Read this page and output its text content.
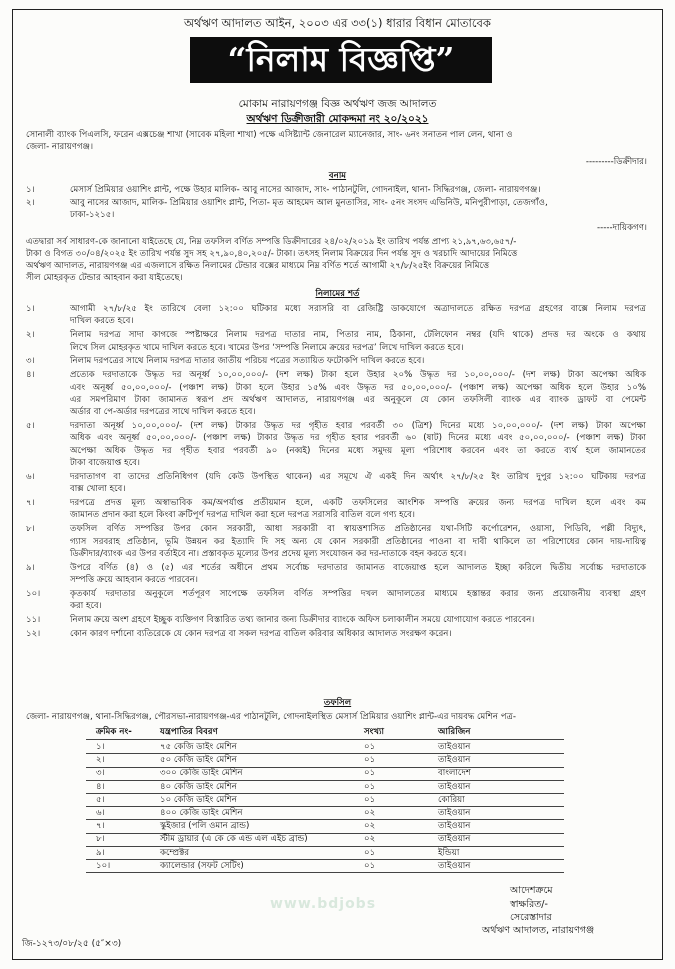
অর্থঋণ আদালত আইন, ২০০৩ এর ৩৩(১) ধারার বিধান মোতাবেক
“নিলাম বিজ্ঞপ্তি”
মোকাম নারায়ণগঞ্জ বিজ্ঞ অর্থঋণ জজ আদালত
অর্থঋণ ডিক্রীজারী মোকদ্দমা নং ২০/২০২১
সোনালী ব্যাংক পিএলসি, ফরেন এক্সচেঞ্জ শাখা (সাবেক মহিলা শাখা) পক্ষে এসিষ্ট্যান্ট জেনারেল ম্যানেজার, সাং- ৬নং সনাতন পাল লেন, থানা ও
জেলা- নারায়ণগঞ্জ।
---------ডিক্রীদার।
বনাম
১।	মেসার্স প্রিমিয়ার ওয়াশিং প্লান্ট, পক্ষে উহার মালিক- আবু নাসের আজাদ, সাং- পাঠানটুলি, গোদনাইল, থানা- সিদ্ধিরগঞ্জ, জেলা- নারায়ণগঞ্জ।
২।	আবু নাসের আজাদ, মালিক- প্রিমিয়ার ওয়াশিং প্লান্ট, পিতা- মৃত আহমেদ আল মুনতাসির, সাং- ৫নং সংসদ এভিনিউ, মনিপুরীপাড়া, তেজগাঁও,
ঢাকা-১২১৫।
-----দায়িকগণ।
এতদ্বারা সর্ব সাধারণ-কে জানানো যাইতেছে যে, নিম্ন তফসিল বর্ণিত সম্পত্তি ডিক্রীদারের ২৪/০২/২০১৯ ইং তারিখ পর্যন্ত প্রাপ্য ২১,৯৭,৬৩,৬৫৭/-
টাকা ও বিগত ৩০/০৪/২০২৫ ইং তারিখ পর্যন্ত সুদ সহ ২৭,৯০,৪০,২০৫/- টাকা। তৎসহ নিলাম বিক্রয়ের দিন পর্যন্ত সুদ ও খরচাদি আদায়ের নিমিত্তে
অর্থঋণ আদালত, নারায়ণগঞ্জ এর এজলাসে রক্ষিত নিলামের টেন্ডার বক্সের মাধ্যমে নিম্ন বর্ণিত শর্তে আগামী ২৭/৮/২৫ইং বিক্রয়ের নিমিত্তে
সীল মোহরকৃত টেন্ডার আহবান করা যাইতেছে।
নিলামের শর্ত
১।	আগামী ২৭/৮/২৫ ইং তারিখে বেলা ১২:০০ ঘটিকার মধ্যে সরাসরি বা রেজিষ্ট্রি ডাকযোগে অত্রাদালতে রক্ষিত দরপত্র গ্রহণের বাক্সে নিলাম দরপত্র
দাখিল করতে হবে।
২।	নিলাম দরপত্র সাদা কাগজে স্পষ্টাক্ষরে নিলাম দরপত্র দাতার নাম, পিতার নাম, ঠিকানা, টেলিফোন নম্বর (যদি থাকে) প্রদত্ত দর অংকে ও কথায়
লিখে সিল মোহরকৃত খামে দাখিল করতে হবে। খামের উপর ‘সম্পত্তি নিলামে ক্রয়ের দরপত্র’ লিখে দাখিল করতে হবে।
৩।	নিলাম দরপত্রের সাথে নিলাম দরপত্র দাতার জাতীয় পরিচয় পত্রের সত্যায়িত ফটোকপি দাখিল করতে হবে।
৪।	প্রত্যেক দরদাতাকে উদ্ধৃত দর অনূর্ধ্ব ১০,০০,০০০/- (দশ লক্ষ) টাকা হলে উহার ২০% উদ্ধৃত দর ১০,০০,০০০/- (দশ লক্ষ) টাকা অপেক্ষা অধিক
এবং অনূর্ধ্ব ৫০,০০,০০০/- (পঞ্চাশ লক্ষ) টাকা হলে উহার ১৫% এবং উদ্ধৃত দর ৫০,০০,০০০/- (পঞ্চাশ লক্ষ) অপেক্ষা অধিক হলে উহার ১০%
এর সমপরিমাণ টাকা জামানত স্বরূপ প্রদ অর্থঋণ আদালত, নারায়ণগঞ্জ এর অনুকূলে যে কোন তফসিলী ব্যাংক এর ব্যাংক ড্রাফট বা পেমেন্ট
অর্ডার বা পে-অর্ডার দরপত্রের সাথে দাখিল করতে হবে।
৫।	দরদাতা অনূর্ধ্ব ১০,০০,০০০/- (দশ লক্ষ) টাকার উদ্ধৃত দর গৃহীত হবার পরবর্তী ৩০ (ত্রিশ) দিনের মধ্যে ১০,০০,০০০/- (দশ লক্ষ) টাকা অপেক্ষা
অধিক এবং অনূর্ধ্ব ৫০,০০,০০০/- (পঞ্চাশ লক্ষ) টাকার উদ্ধৃত দর গৃহীত হবার পরবর্তী ৬০ (ষাট) দিনের মধ্যে এবং ৫০,০০,০০০/- (পঞ্চাশ লক্ষ) টাকা
অপেক্ষা অধিক উদ্ধৃত দর গৃহীত হবার পরবর্তী ৯০ (নব্বই) দিনের মধ্যে সমুদয় মূল্য পরিশোধ করবেন এবং তা করতে ব্যর্থ হলে জামানতের
টাকা বাজেয়াপ্ত হবে।
৬।	দরদাতাগণ বা তাদের প্রতিনিধিগণ (যদি কেউ উপস্থিত থাকেন) এর সমূখে ঐ একই দিন অর্থাৎ ২৭/৮/২৫ ইং তারিখ দুপুর ১২:০০ ঘটিকায় দরপত্র
বাক্স খোলা হবে।
৭।	দরপত্রে প্রদত্ত মূল্য অস্বাভাবিক কম/অপর্যাপ্ত প্রতীয়মান হলে, একটি তফসিলের আংশিক সম্পত্তি ক্রয়ের জন্য দরপত্র দাখিল হলে এবং কম
জামানত প্রদান করা হলে কিংবা ক্রটিপূর্ণ দরপত্র দাখিল করা হলে দরপত্র সরাসরি বাতিল বলে গণ্য হবে।
৮।	তফসিল বর্ণিত সম্পত্তির উপর কোন সরকারী, আধা সরকারী বা স্বায়ত্তশাসিত প্রতিষ্ঠানের যথা-সিটি কর্পোরেশন, ওয়াসা, পিডিবি, পল্লী বিদ্যুৎ,
গ্যাস সরবরাহ প্রতিষ্ঠান, ভূমি উন্নয়ন কর ইত্যাদি দি সহ অন্য যে কোন সরকারী প্রতিষ্ঠানের পাওনা বা দাবী থাকিলে তা পরিশোধের কোন দায়-দায়িত্ব
ডিক্রীদার/ব্যাংক এর উপর বর্তাইবে না। প্রস্তাবকৃত মূল্যের উপর প্রদেয় মূল্য সংযোজন কর দর-দাতাকে বহন করতে হবে।
৯।	উপরে বর্ণিত (৪) ও (৫) এর শর্তের অধীনে প্রথম সর্বোচ্চ দরদাতার জামানত বাজেয়াপ্ত হলে আদালত ইচ্ছা করিলে দ্বিতীয় সর্বোচ্চ দরদাতাকে
সম্পত্তি ক্রয়ে আহবান করতে পারবেন।
১০।	কৃতকার্য দরদাতার অনুকূলে শর্তপূরণ সাপেক্ষে তফসিল বর্ণিত সম্পত্তির দখল আদালতের মাধ্যমে হস্তান্তর করার জন্য প্রয়োজনীয় ব্যবস্থা গ্রহণ
করা হবে।
১১।	নিলাম ক্রয়ে অংশ গ্রহণে ইচ্ছুক ব্যক্তিগণ বিস্তারিত তথ্য জানার জন্য ডিক্রীদার ব্যাংকে অফিস চলাকালীন সময়ে যোগাযোগ করতে পারবেন।
১২।	কোন কারণ দর্শানো ব্যতিরেকে যে কোন দরপত্র বা সকল দরপত্র বাতিল করিবার অধিকার আদালত সংরক্ষণ করেন।
তফসিল
জেলা- নারায়ণগঞ্জ, থানা-সিদ্ধিরগঞ্জ, পৌরসভা-নারায়ণগঞ্জ-এর পাঠানটুলি, গোদনাইলস্থিত মেসার্স প্রিমিয়ার ওয়াশিং প্লান্ট-এর দায়বদ্ধ মেশিন পত্র-
ক্রমিক নং-	যন্ত্রপাতির বিবরণ	সংখ্যা	আরিজিন
১।	৭৫ কেজি ডাইং মেশিন	০১	তাইওয়ান
২।	৫০ কেজি ডাইং মেশিন	০১	তাইওয়ান
৩।	৩০০ কেজি ডাইং মেশিন	০১	বাংলাদেশ
৪।	৪০ কেজি ডাইং মেশিন	০১	তাইওয়ান
৫।	১০ কেজি ডাইং মেশিন	০১	কোরিয়া
৬।	৪০০ কেজি ডাইং মেশিন	০২	তাইওয়ান
৭।	স্কুইজার (পলি ওমান ব্রান্ড)	০২	তাইওয়ান
৮।	স্টীম ড্রায়ার (এ কে কে এন্ড এল এইচ ব্রান্ড)	০২	তাইওয়ান
৯।	কম্প্রেক্টর	০১	ইন্ডিয়া
১০।	ক্যালেন্ডার (সফট সেটিং)	০১	তাইওয়ান
আদেশক্রমে
স্বাক্ষরিত/-
সেরেস্তাদার
অর্থঋণ আদালত, নারায়ণগঞ্জ
জি-১২৭৩/০৮/২৫ (৫″×৩)
www.bdjobs
